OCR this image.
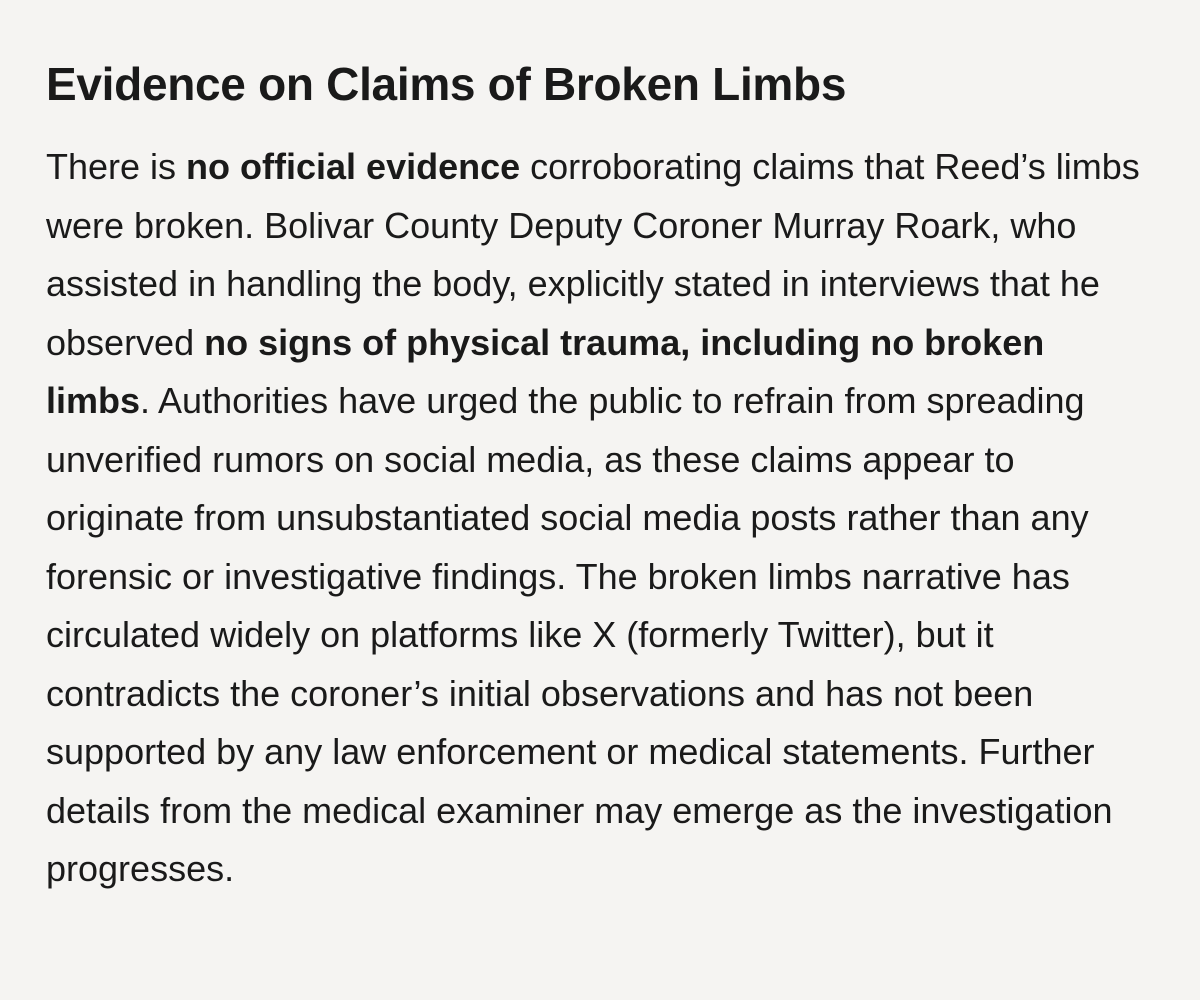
Evidence on Claims of Broken Limbs

There is no official evidence corroborating claims that Reed’s limbs were broken. Bolivar County Deputy Coroner Murray Roark, who assisted in handling the body, explicitly stated in interviews that he observed no signs of physical trauma, including no broken limbs. Authorities have urged the public to refrain from spreading unverified rumors on social media, as these claims appear to originate from unsubstantiated social media posts rather than any forensic or investigative findings. The broken limbs narrative has circulated widely on platforms like X (formerly Twitter), but it contradicts the coroner’s initial observations and has not been supported by any law enforcement or medical statements. Further details from the medical examiner may emerge as the investigation progresses.
